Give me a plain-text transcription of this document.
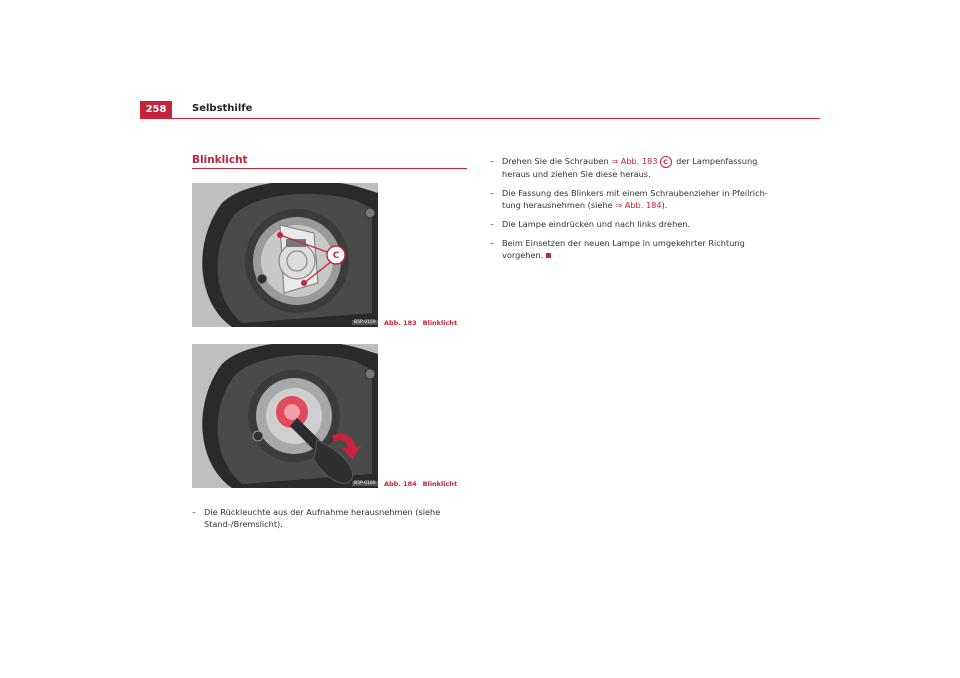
258	Selbsthilfe
Blinklicht
C
B5P-0159	Abb. 183 Blinklicht
B5P-0160	Abb. 184 Blinklicht
– Die Rückleuchte aus der Aufnahme herausnehmen (siehe Stand-/Bremslicht).
– Drehen Sie die Schrauben ⇒ Abb. 183 C der Lampenfassung heraus und ziehen Sie diese heraus.
– Die Fassung des Blinkers mit einem Schraubenzieher in Pfeilrich-tung herausnehmen (siehe ⇒ Abb. 184).
– Die Lampe eindrücken und nach links drehen.
– Beim Einsetzen der neuen Lampe in umgekehrter Richtung vorgehen.
